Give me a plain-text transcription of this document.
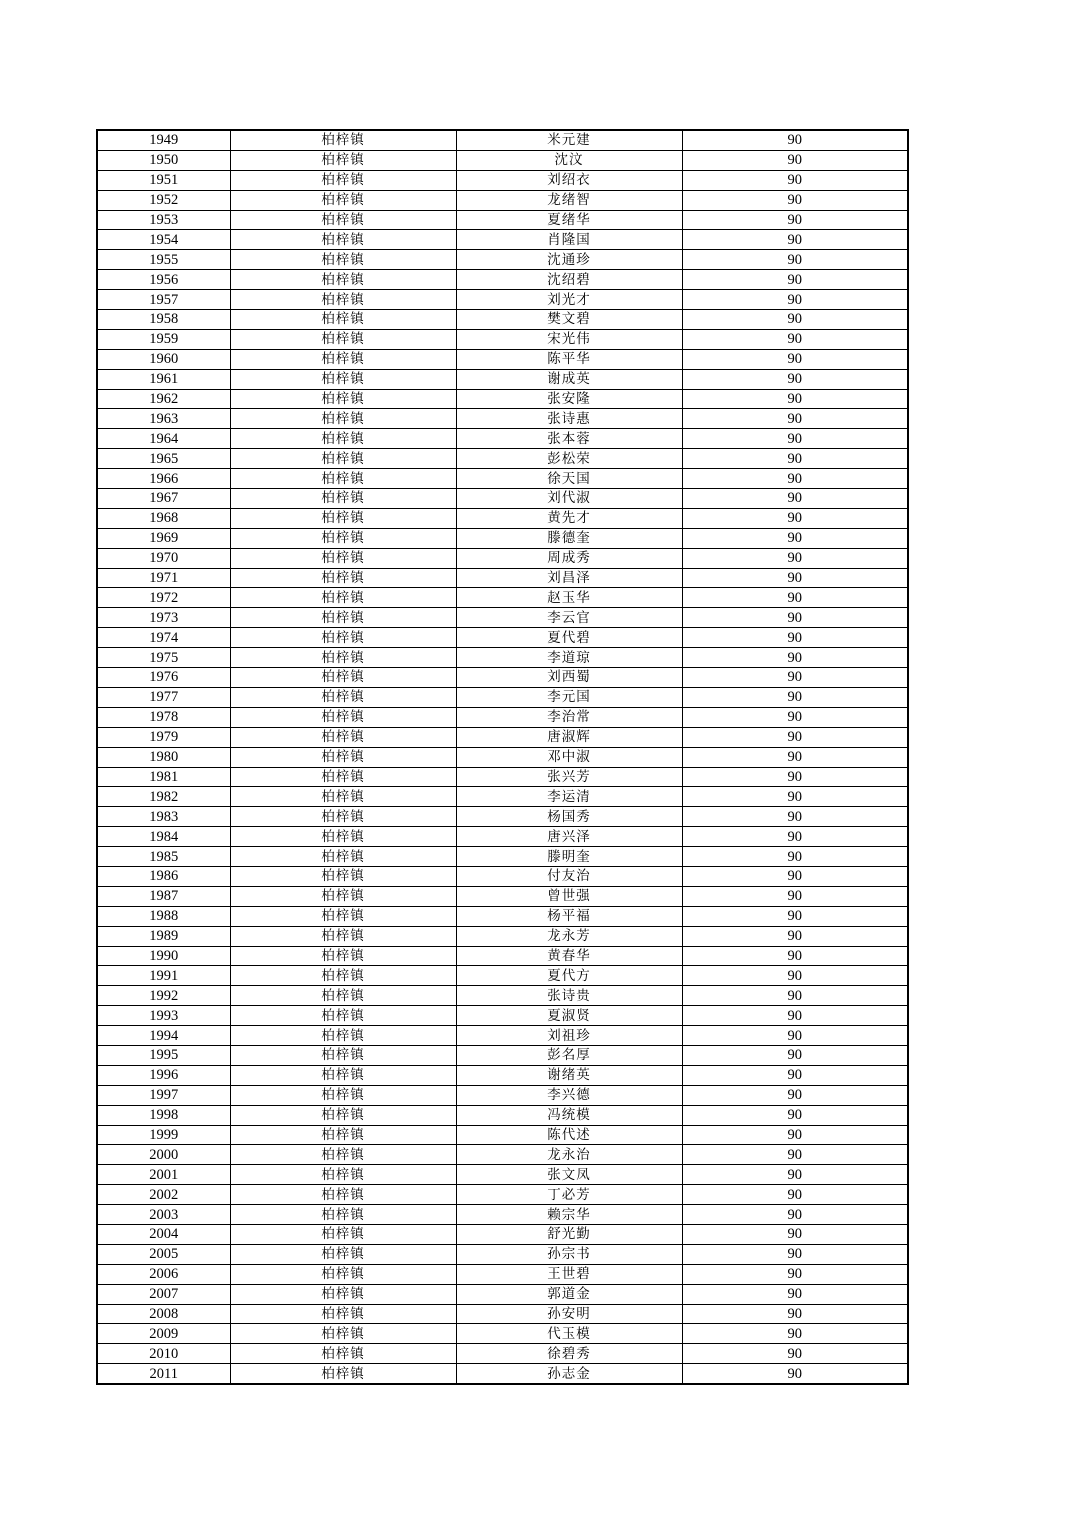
1949	柏梓镇	米元建	90
1950	柏梓镇	沈汶	90
1951	柏梓镇	刘绍衣	90
1952	柏梓镇	龙绪智	90
1953	柏梓镇	夏绪华	90
1954	柏梓镇	肖隆国	90
1955	柏梓镇	沈通珍	90
1956	柏梓镇	沈绍碧	90
1957	柏梓镇	刘光才	90
1958	柏梓镇	樊文碧	90
1959	柏梓镇	宋光伟	90
1960	柏梓镇	陈平华	90
1961	柏梓镇	谢成英	90
1962	柏梓镇	张安隆	90
1963	柏梓镇	张诗惠	90
1964	柏梓镇	张本蓉	90
1965	柏梓镇	彭松荣	90
1966	柏梓镇	徐天国	90
1967	柏梓镇	刘代淑	90
1968	柏梓镇	黄先才	90
1969	柏梓镇	滕德奎	90
1970	柏梓镇	周成秀	90
1971	柏梓镇	刘昌泽	90
1972	柏梓镇	赵玉华	90
1973	柏梓镇	李云官	90
1974	柏梓镇	夏代碧	90
1975	柏梓镇	李道琼	90
1976	柏梓镇	刘西蜀	90
1977	柏梓镇	李元国	90
1978	柏梓镇	李治常	90
1979	柏梓镇	唐淑辉	90
1980	柏梓镇	邓中淑	90
1981	柏梓镇	张兴芳	90
1982	柏梓镇	李运清	90
1983	柏梓镇	杨国秀	90
1984	柏梓镇	唐兴泽	90
1985	柏梓镇	滕明奎	90
1986	柏梓镇	付友治	90
1987	柏梓镇	曾世强	90
1988	柏梓镇	杨平福	90
1989	柏梓镇	龙永芳	90
1990	柏梓镇	黄春华	90
1991	柏梓镇	夏代方	90
1992	柏梓镇	张诗贵	90
1993	柏梓镇	夏淑贤	90
1994	柏梓镇	刘祖珍	90
1995	柏梓镇	彭名厚	90
1996	柏梓镇	谢绪英	90
1997	柏梓镇	李兴德	90
1998	柏梓镇	冯统模	90
1999	柏梓镇	陈代述	90
2000	柏梓镇	龙永治	90
2001	柏梓镇	张文凤	90
2002	柏梓镇	丁必芳	90
2003	柏梓镇	赖宗华	90
2004	柏梓镇	舒光勤	90
2005	柏梓镇	孙宗书	90
2006	柏梓镇	王世碧	90
2007	柏梓镇	郭道金	90
2008	柏梓镇	孙安明	90
2009	柏梓镇	代玉模	90
2010	柏梓镇	徐碧秀	90
2011	柏梓镇	孙志金	90
